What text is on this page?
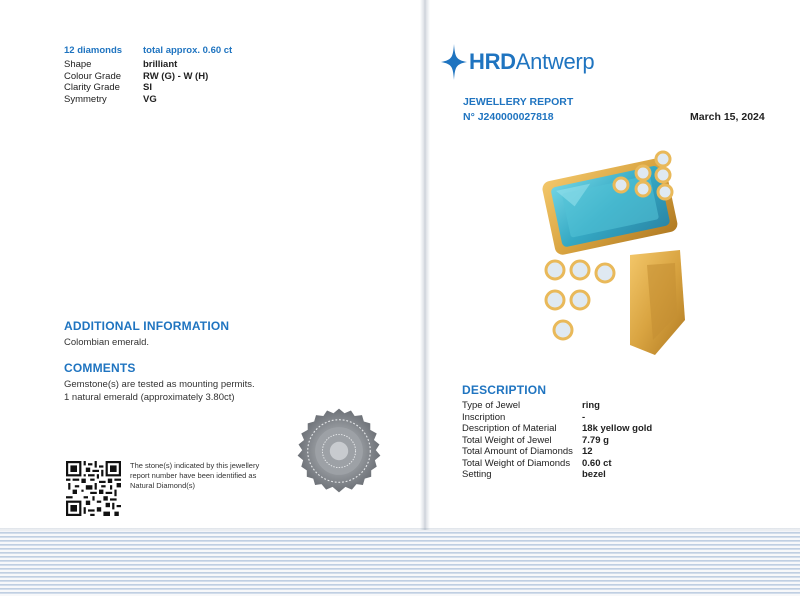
12 diamonds total approx. 0.60 ct
Shape	brilliant
Colour Grade	RW (G) - W (H)
Clarity Grade	SI
Symmetry	VG
ADDITIONAL INFORMATION
Colombian emerald.
COMMENTS
Gemstone(s) are tested as mounting permits.
1 natural emerald (approximately 3.80ct)
The stone(s) indicated by this jewellery report number have been identified as Natural Diamond(s)
HRDAntwerp
JEWELLERY REPORT
N° J240000027818	March 15, 2024
DESCRIPTION
Type of Jewel	ring
Inscription	-
Description of Material	18k yellow gold
Total Weight of Jewel	7.79 g
Total Amount of Diamonds	12
Total Weight of Diamonds	0.60 ct
Setting	bezel
